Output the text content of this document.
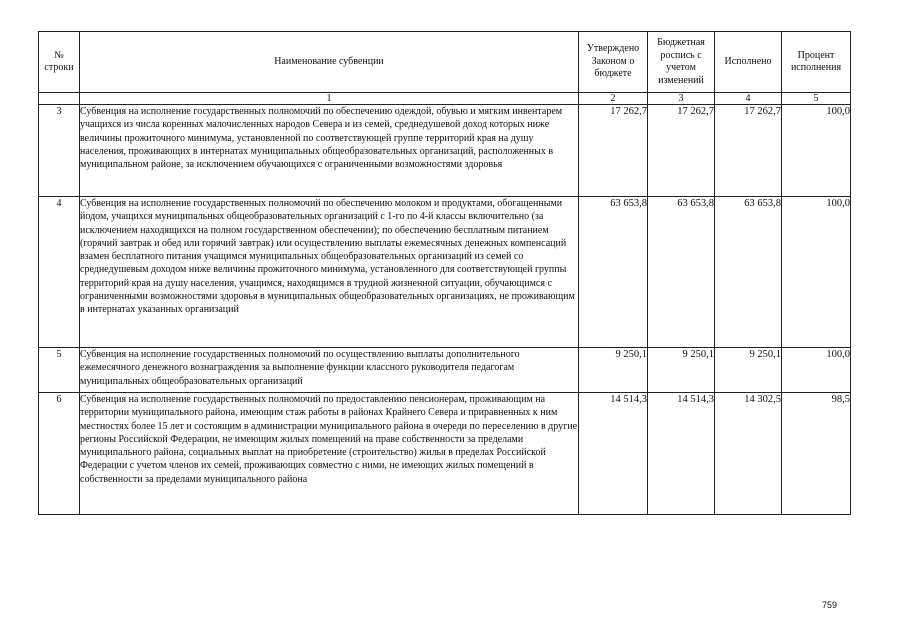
№ строки	Наименование субвенции	Утверждено Законом о бюджете	Бюджетная роспись с учетом изменений	Исполнено	Процент исполнения
	1	2	3	4	5
3	Субвенция на исполнение государственных полномочий по обеспечению одеждой, обувью и мягким инвентарем учащихся из числа коренных малочисленных народов Севера и из семей, среднедушевой доход которых ниже величины прожиточного минимума, установленной по соответствующей группе территорий края на душу населения, проживающих в интернатах муниципальных общеобразовательных организаций, расположенных в муниципальном районе, за исключением обучающихся с ограниченными возможностями здоровья	17 262,7	17 262,7	17 262,7	100,0
4	Субвенция на исполнение государственных полномочий по обеспечению молоком и продуктами, обогащенными йодом, учащихся муниципальных общеобразовательных организаций с 1-го по 4-й классы включительно (за исключением находящихся на полном государственном обеспечении); по обеспечению бесплатным питанием (горячий завтрак и обед или горячий завтрак) или осуществлению выплаты ежемесячных денежных компенсаций взамен бесплатного питания учащимся муниципальных общеобразовательных организаций из семей со среднедушевым доходом ниже величины прожиточного минимума, установленного для соответствующей группы территорий края на душу населения, учащимся, находящимся в трудной жизненной ситуации, обучающимся с ограниченными возможностями здоровья в муниципальных общеобразовательных организациях, не проживающим в интернатах указанных организаций	63 653,8	63 653,8	63 653,8	100,0
5	Субвенция на исполнение государственных полномочий по осуществлению выплаты дополнительного ежемесячного денежного вознаграждения за выполнение функции классного руководителя педагогам муниципальных общеобразовательных организаций	9 250,1	9 250,1	9 250,1	100,0
6	Субвенция на исполнение государственных полномочий по предоставлению пенсионерам, проживающим на территории муниципального района, имеющим стаж работы в районах Крайнего Севера и приравненных к ним местностях более 15 лет и состоящим в администрации муниципального района в очереди по переселению в другие регионы Российской Федерации, не имеющим жилых помещений на праве собственности за пределами муниципального района, социальных выплат на приобретение (строительство) жилья в пределах Российской Федерации с учетом членов их семей, проживающих совместно с ними, не имеющих жилых помещений в собственности за пределами муниципального района	14 514,3	14 514,3	14 302,5	98,5
759
